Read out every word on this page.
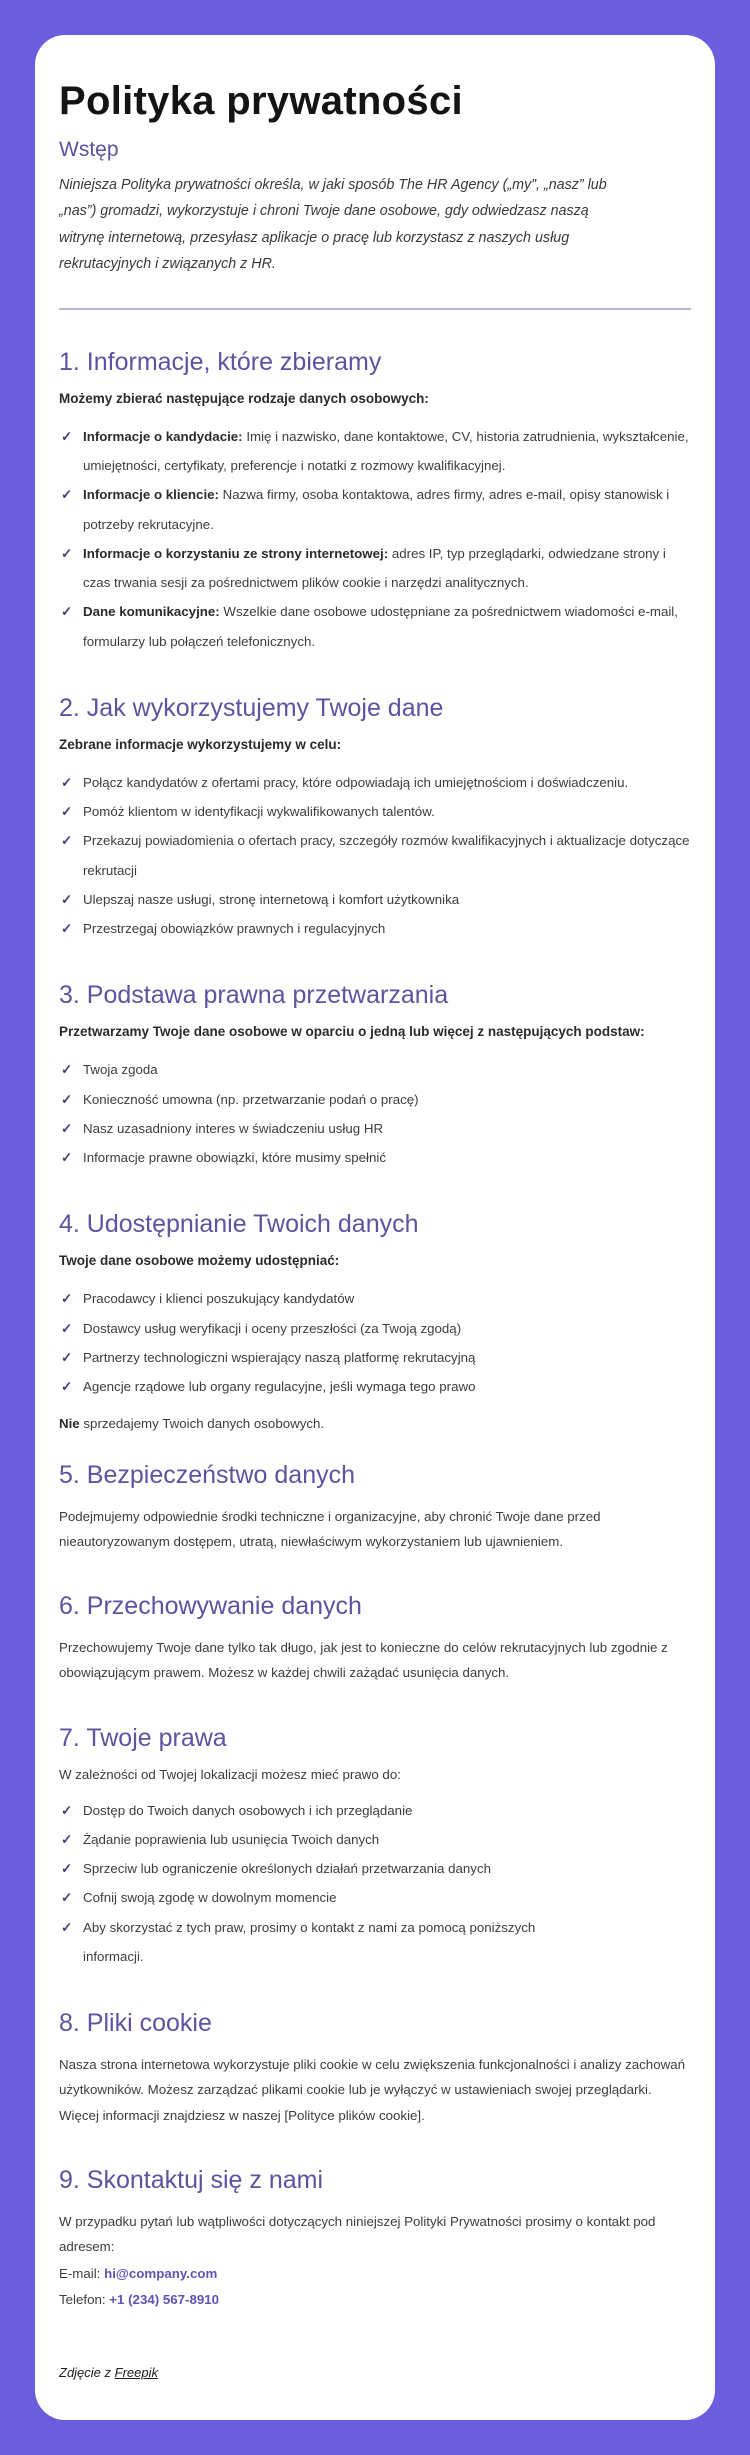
Polityka prywatności
Wstęp

Niniejsza Polityka prywatności określa, w jaki sposób The HR Agency („my”, „nasz” lub „nas”) gromadzi, wykorzystuje i chroni Twoje dane osobowe, gdy odwiedzasz naszą witrynę internetową, przesyłasz aplikacje o pracę lub korzystasz z naszych usług rekrutacyjnych i związanych z HR.

1. Informacje, które zbieramy

Możemy zbierać następujące rodzaje danych osobowych:

✓ Informacje o kandydacie: Imię i nazwisko, dane kontaktowe, CV, historia zatrudnienia, wykształcenie, umiejętności, certyfikaty, preferencje i notatki z rozmowy kwalifikacyjnej.
✓ Informacje o kliencie: Nazwa firmy, osoba kontaktowa, adres firmy, adres e-mail, opisy stanowisk i potrzeby rekrutacyjne.
✓ Informacje o korzystaniu ze strony internetowej: adres IP, typ przeglądarki, odwiedzane strony i czas trwania sesji za pośrednictwem plików cookie i narzędzi analitycznych.
✓ Dane komunikacyjne: Wszelkie dane osobowe udostępniane za pośrednictwem wiadomości e-mail, formularzy lub połączeń telefonicznych.
2. Jak wykorzystujemy Twoje dane

Zebrane informacje wykorzystujemy w celu:

✓ Połącz kandydatów z ofertami pracy, które odpowiadają ich umiejętnościom i doświadczeniu.
✓ Pomóż klientom w identyfikacji wykwalifikowanych talentów.
✓ Przekazuj powiadomienia o ofertach pracy, szczegóły rozmów kwalifikacyjnych i aktualizacje dotyczące rekrutacji
✓ Ulepszaj nasze usługi, stronę internetową i komfort użytkownika
✓ Przestrzegaj obowiązków prawnych i regulacyjnych
3. Podstawa prawna przetwarzania

Przetwarzamy Twoje dane osobowe w oparciu o jedną lub więcej z następujących podstaw:

✓ Twoja zgoda
✓ Konieczność umowna (np. przetwarzanie podań o pracę)
✓ Nasz uzasadniony interes w świadczeniu usług HR
✓ Informacje prawne obowiązki, które musimy spełnić
4. Udostępnianie Twoich danych

Twoje dane osobowe możemy udostępniać:

✓ Pracodawcy i klienci poszukujący kandydatów
✓ Dostawcy usług weryfikacji i oceny przeszłości (za Twoją zgodą)
✓ Partnerzy technologiczni wspierający naszą platformę rekrutacyjną
✓ Agencje rządowe lub organy regulacyjne, jeśli wymaga tego prawo

Nie sprzedajemy Twoich danych osobowych.

5. Bezpieczeństwo danych

Podejmujemy odpowiednie środki techniczne i organizacyjne, aby chronić Twoje dane przed nieautoryzowanym dostępem, utratą, niewłaściwym wykorzystaniem lub ujawnieniem.

6. Przechowywanie danych

Przechowujemy Twoje dane tylko tak długo, jak jest to konieczne do celów rekrutacyjnych lub zgodnie z obowiązującym prawem. Możesz w każdej chwili zażądać usunięcia danych.

7. Twoje prawa

W zależności od Twojej lokalizacji możesz mieć prawo do:

✓ Dostęp do Twoich danych osobowych i ich przeglądanie
✓ Żądanie poprawienia lub usunięcia Twoich danych
✓ Sprzeciw lub ograniczenie określonych działań przetwarzania danych
✓ Cofnij swoją zgodę w dowolnym momencie
✓ Aby skorzystać z tych praw, prosimy o kontakt z nami za pomocą poniższych informacji.
8. Pliki cookie

Nasza strona internetowa wykorzystuje pliki cookie w celu zwiększenia funkcjonalności i analizy zachowań użytkowników. Możesz zarządzać plikami cookie lub je wyłączyć w ustawieniach swojej przeglądarki. Więcej informacji znajdziesz w naszej [Polityce plików cookie].

9. Skontaktuj się z nami

W przypadku pytań lub wątpliwości dotyczących niniejszej Polityki Prywatności prosimy o kontakt pod adresem:

E-mail: hi@company.com

Telefon: +1 (234) 567-8910

Zdjęcie z Freepik
